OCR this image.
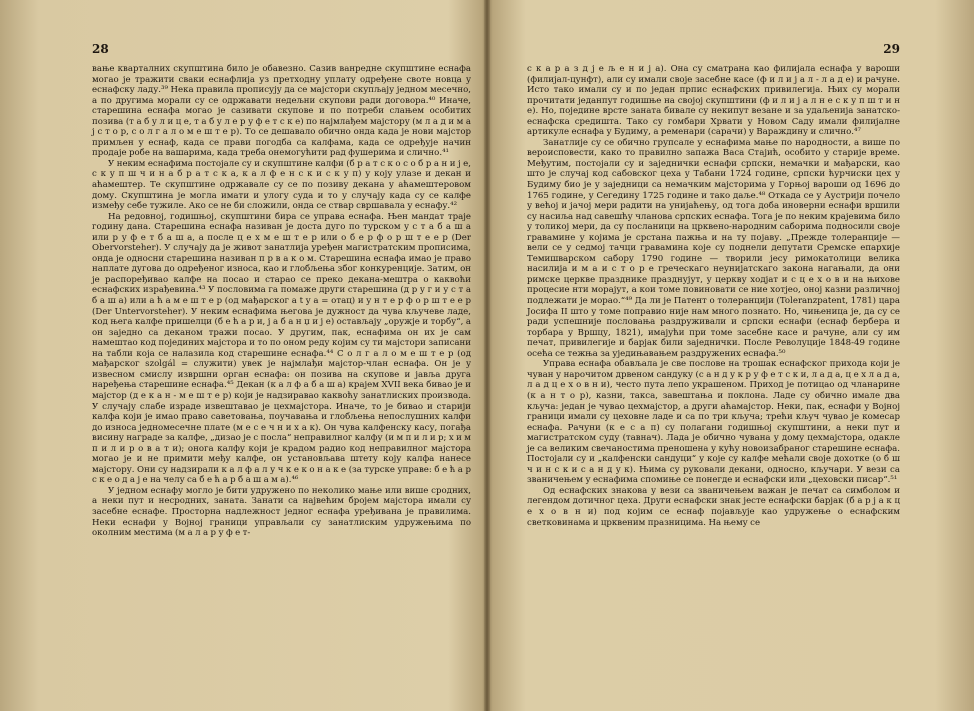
28

вање кварталних скупштина било је обавезно. Сазив ванредне скупштине еснафа могао је тражити сваки еснафлија уз претходну уплату одређене своте новца у еснафску ладу.³⁹ Нека правила прописују да се мајстори скупљају једном месечно, а по другима морали су се одржавати недељни скупови ради договора.⁴⁰ Иначе, старешина еснафа могао је сазивати скупове и по потреби слањем особитих позива (т а б у л и ц е, т а б у л е р у ф е т с к е) по најмлађем мајстору (м л а д и м а ј с т о р, с о л г а л о м е ш т е р). То се дешавало обично онда када је нови мајстор примљен у еснаф, када се прави погодба са калфама, када се одређује начин продаје робе на вашарима, када треба онемогућити рад фушерима и слично.⁴¹

У неким еснафима постојале су и скупштине калфи (б р а т с к о с о б р а н и ј е, с к у п ш ч и н а б р а т с к а, к а л ф е н с к и с к у п) у коју улазе и декан и аћамештер. Те скупштине одржавале су се по позиву декана у аћамештеровом дому. Скупштина је могла имати и улогу суда и то у случају када су се калфе између себе тужиле. Ако се не би сложили, онда се ствар свршавала у еснафу.⁴²

На редовној, годишњој, скупштини бира се управа еснафа. Њен мандат траје годину дана. Старешина еснафа називан је доста дуго по турском у с т а б а ш а или р у ф е т б а ш а, а после ц е х м е ш т е р или о б е р ф о р ш т е е р (Der Obervorsteher). У случају да је живот занатлија уређен магистратским прописима, онда је односни старешина називан п р в а к о м. Старешина еснафа имао је право наплате дугова до одређеног износа, као и глобљења због конкуренције. Затим, он је распоређивао калфе на посао и старао се преко декана-мештра о каквоћи еснафских израђевина.⁴³ У пословима га помаже други старешина (д р у г и у с т а б а ш а) или а ћ а м е ш т е р (од мађарског a t y a = отац) и у н т е р ф о р ш т е е р (Der Untervorsteher). У неким еснафима његова је дужност да чува кључеве ладе, код њега калфе пришелци (б е ћ а р и, ј а б а н џ и ј е) остављају „оружје и торбу“, а он заједно са деканом тражи посао. У другим, пак, еснафима он их је сам намештао код појединих мајстора и то по оном реду којим су ти мајстори записани на табли која се налазила код старешине еснафа.⁴⁴ С о л г а л о м е ш т е р (од мађарског szolgál = служити) увек је најмлађи мајстор-члан еснафа. Он је у извесном смислу извршни орган еснафа: он позива на скупове и јавља друга наређења старешине еснафа.⁴⁵ Декан (к а л ф а б а ш а) крајем XVII века бивао је и мајстор (д е к а н - м е ш т е р) који је надзиравао каквоћу занатлиских производа. У случају слабе израде извештавао је цехмајстора. Иначе, то је бивао и старији калфа који је имао право саветовања, поучавања и глобљења непослушних калфи до износа једномесечне плате (м е с е ч н и х а к). Он чува калфенску касу, погађа висину награде за калфе, „дизао је с посла“ неправилног калфу (и м п и л и р; х и м п и л и р о в а т и); онога калфу који је крадом радио код неправилног мајстора могао је и не примити међу калфе, он установљава штету коју калфа нанесе мајстору. Они су надзирали к а л ф а л у ч к е к о н а к е (за турске управе: б е ћ а р с к е о д а ј е на челу са б е ћ а р б а ш а м а).⁴⁶

У једном еснафу могло је бити удружено по неколико мање или више сродних, а неки пут и несродних, заната. Занати са највећим бројем мајстора имали су засебне еснафе. Просторна надлежност једног еснафа уређивана је правилима. Неки еснафи у Војној граници управљали су занатлиским удружењима по околним местима (м а л а р у ф е т-

29

с к а р а з д ј е љ е н и ј а). Она су сматрана као филијала еснафа у вароши (филијал-цунфт), али су имали своје засебне касе (ф и л и ј а л - л а д е) и рачуне. Исто тако имали су и по један прпис еснафских привилегија. Њих су морали прочитати једанпут годишње на својој скупштини (ф и л и ј а л н е с к у п ш т и н е). Но, поједине врсте заната бивале су некипут везане и за удаљенија занатско-еснафска средишта. Тако су гомбари Хрвати у Новом Саду имали филијалне артикуле еснафа у Будиму, а ременари (сарачи) у Вараждину и слично.⁴⁷

Занатлије су се обично групсале у еснафима мање по народности, а више по вероисповести, како то правилно запажа Васа Стајић, особито у старије време. Међутим, постојали су и заједнички еснафи српски, немачки и мађарски, као што је случај код сабовског цеха у Табани 1724 године, српски ћурчиски цех у Будиму био је у заједници са немачким мајсторима у Горњој вароши од 1696 до 1765 године, у Сегедину 1725 године и тако даље.⁴⁸ Откада се у Аустрији почело у већој и јачој мери радити на унијаћењу, од тога доба иноверни еснафи вршили су насиља над савешћу чланова српских еснафа. Тога је по неким крајевима било у толикој мери, да су посланици на црквено-народним саборима подносили своје гравамине у којима је срстана пажња и на ту појаву. „Прежде толеранције — вели се у седмој тачци гравамина које су поднели депутати Сремске епархије Темишварском сабору 1790 године — творили јесу римокатолици велика насилија и м а и с т о р е греческаго неунијатскаго закона нагањали, да они римске церкве празднике празднујут, у церкву ходјат и с ц е х о в и на њихове процесие нти морајут, а кои томе повиновати се ние хотјео, оној казни различној подлежати је морао.“⁴⁹ Да ли је Патент о толеранцији (Toleranzpatent, 1781) цара Јосифа II што у томе поправио није нам много познато. Но, чињеница је, да су се ради успешније пословања раздруживали и српски еснафи (еснаф бербера и торбара у Вршцу, 1821), имајући при томе засебне касе и рачуне, али су им печат, привилегије и барјак били заједнички. После Револуције 1848-49 године осећа се тежња за уједињавањем раздружених еснафа.⁵⁰

Управа еснафа обављала је све послове на трошак еснафског прихода који је чуван у нарочитом дрвеном сандуку (с а н д у к р у ф е т с к и, л а д а, ц е х л а д а, л а д ц е х о в н и), често пута лепо украшеном. Приход је потицао од чланарине (к а н т о р), казни, такса, завештања и поклона. Ладе су обично имале два кључа: један је чувао цехмајстор, а други аћамајстор. Неки, пак, еснафи у Војној граници имали су цеховне ладе и са по три кључа; трећи кључ чувао је комесар еснафа. Рачуни (к е с а п) су полагани годишњој скупштини, а неки пут и магистратском суду (тавнач). Лада је обично чувана у дому цехмајстора, одакле је са великим свечаностима преношена у кућу новоизабраног старешине еснафа. Постојали су и „калфенски сандуци“ у које су калфе мећали своје дохотке (о б ш ч и н с к и с а н д у к). Њима су руковали декани, односно, кључари. У вези са званичењем у еснафима спомиње се понегде и еснафски или „цеховски писар“.⁵¹

Од еснафских знакова у вези са званичењем важан је печат са симболом и легендом дотичног цеха. Други еснафски знак јесте еснафски барјак (б а р ј а к ц е х о в н и) под којим се еснаф појављује као удружење о еснафским светковинама и црквеним празницима. На њему се
